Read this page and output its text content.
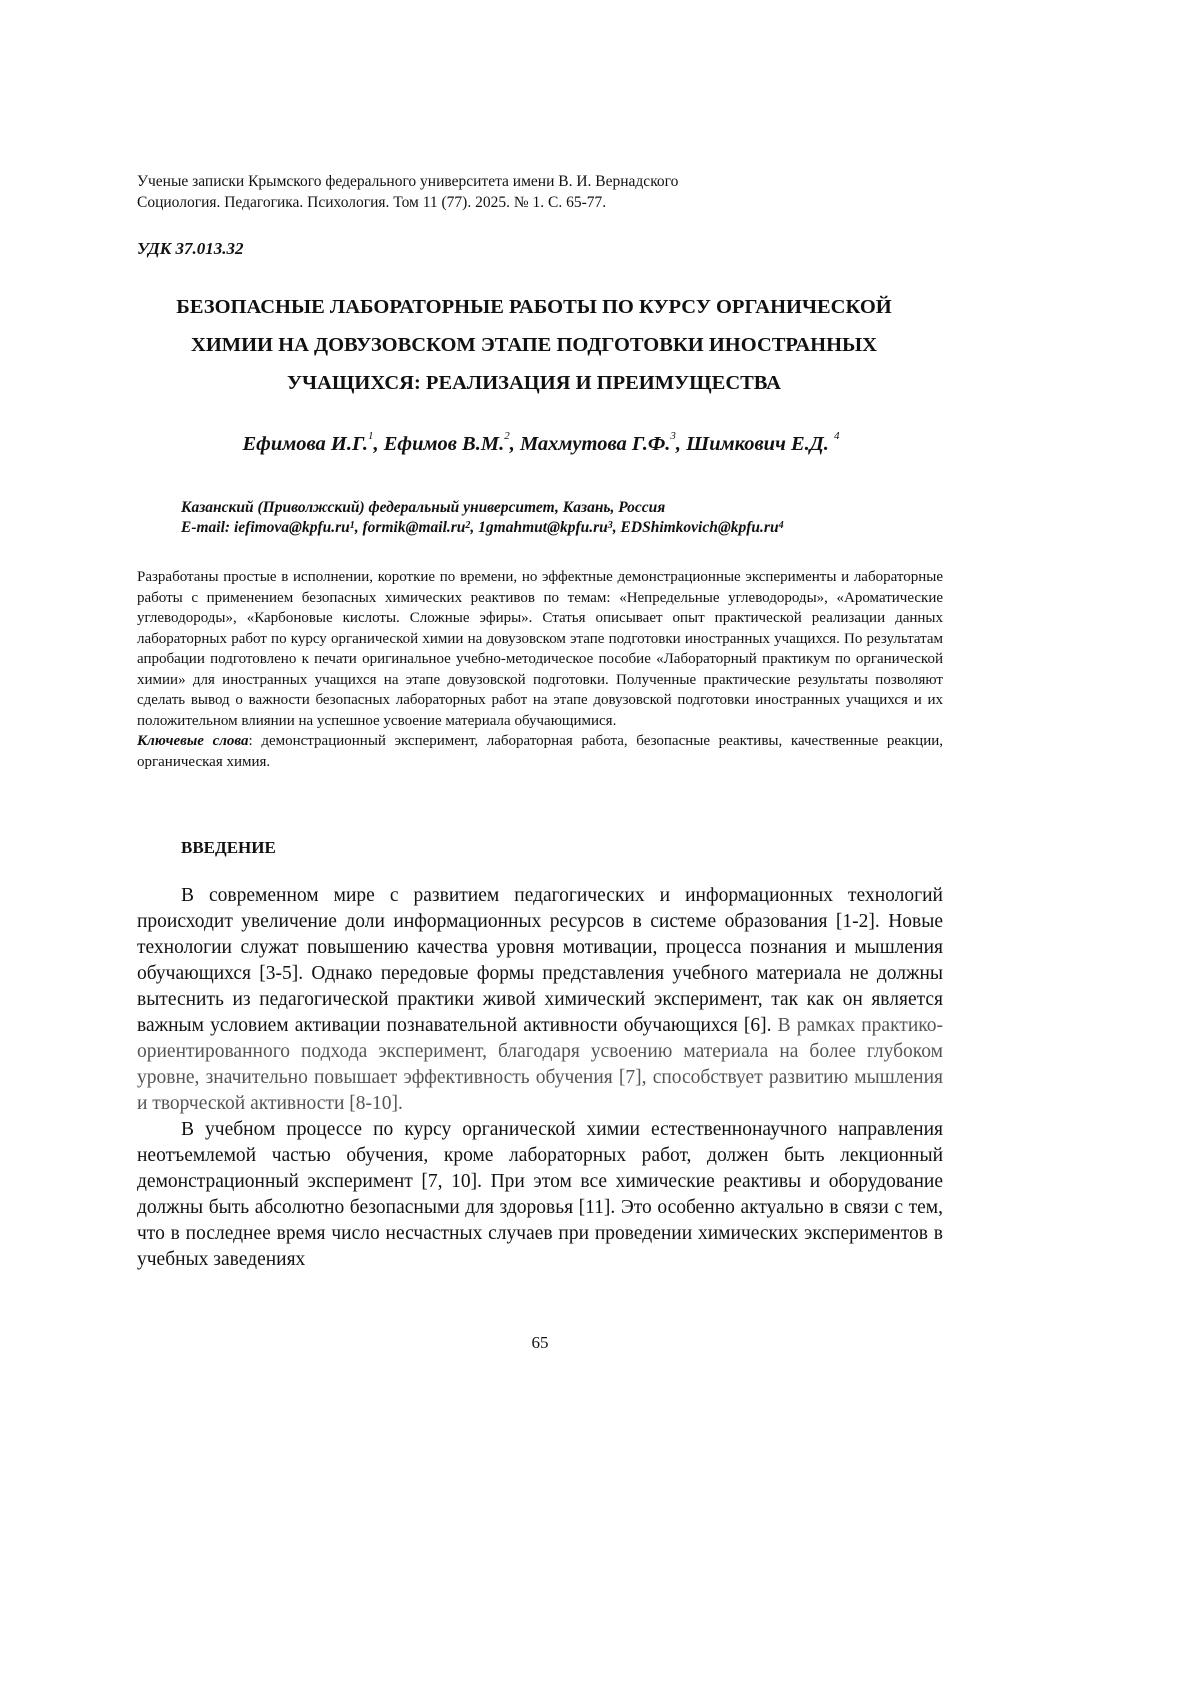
Ученые записки Крымского федерального университета имени В. И. Вернадского
Социология. Педагогика. Психология. Том 11 (77). 2025. № 1. С. 65-77.
УДК 37.013.32
БЕЗОПАСНЫЕ ЛАБОРАТОРНЫЕ РАБОТЫ ПО КУРСУ ОРГАНИЧЕСКОЙ
ХИМИИ НА ДОВУЗОВСКОМ ЭТАПЕ ПОДГОТОВКИ ИНОСТРАННЫХ
УЧАЩИХСЯ: РЕАЛИЗАЦИЯ И ПРЕИМУЩЕСТВА
Ефимова И.Г.1, Ефимов В.М.2, Махмутова Г.Ф.3, Шимкович Е.Д. 4
Казанский (Приволжский) федеральный университет, Казань, Россия
E-mail: iefimova@kpfu.ru1, formik@mail.ru2, 1gmahmut@kpfu.ru3, EDShimkovich@kpfu.ru4

Разработаны простые в исполнении, короткие по времени, но эффектные демонстрационные эксперименты и лабораторные работы с применением безопасных химических реактивов по темам: «Непредельные углеводороды», «Ароматические углеводороды», «Карбоновые кислоты. Сложные эфиры». Статья описывает опыт практической реализации данных лабораторных работ по курсу органической химии на довузовском этапе подготовки иностранных учащихся. По результатам апробации подготовлено к печати оригинальное учебно-методическое пособие «Лабораторный практикум по органической химии» для иностранных учащихся на этапе довузовской подготовки. Полученные практические результаты позволяют сделать вывод о важности безопасных лабораторных работ на этапе довузовской подготовки иностранных учащихся и их положительном влиянии на успешное усвоение материала обучающимися.

Ключевые слова: демонстрационный эксперимент, лабораторная работа, безопасные реактивы, качественные реакции, органическая химия.

ВВЕДЕНИЕ

В современном мире с развитием педагогических и информационных технологий происходит увеличение доли информационных ресурсов в системе образования [1-2]. Новые технологии служат повышению качества уровня мотивации, процесса познания и мышления обучающихся [3-5]. Однако передовые формы представления учебного материала не должны вытеснить из педагогической практики живой химический эксперимент, так как он является важным условием активации познавательной активности обучающихся [6]. В рамках практико-ориентированного подхода эксперимент, благодаря усвоению материала на более глубоком уровне, значительно повышает эффективность обучения [7], способствует развитию мышления и творческой активности [8-10].

В учебном процессе по курсу органической химии естественнонаучного направления неотъемлемой частью обучения, кроме лабораторных работ, должен быть лекционный демонстрационный эксперимент [7, 10]. При этом все химические реактивы и оборудование должны быть абсолютно безопасными для здоровья [11]. Это особенно актуально в связи с тем, что в последнее время число несчастных случаев при проведении химических экспериментов в учебных заведениях

65
